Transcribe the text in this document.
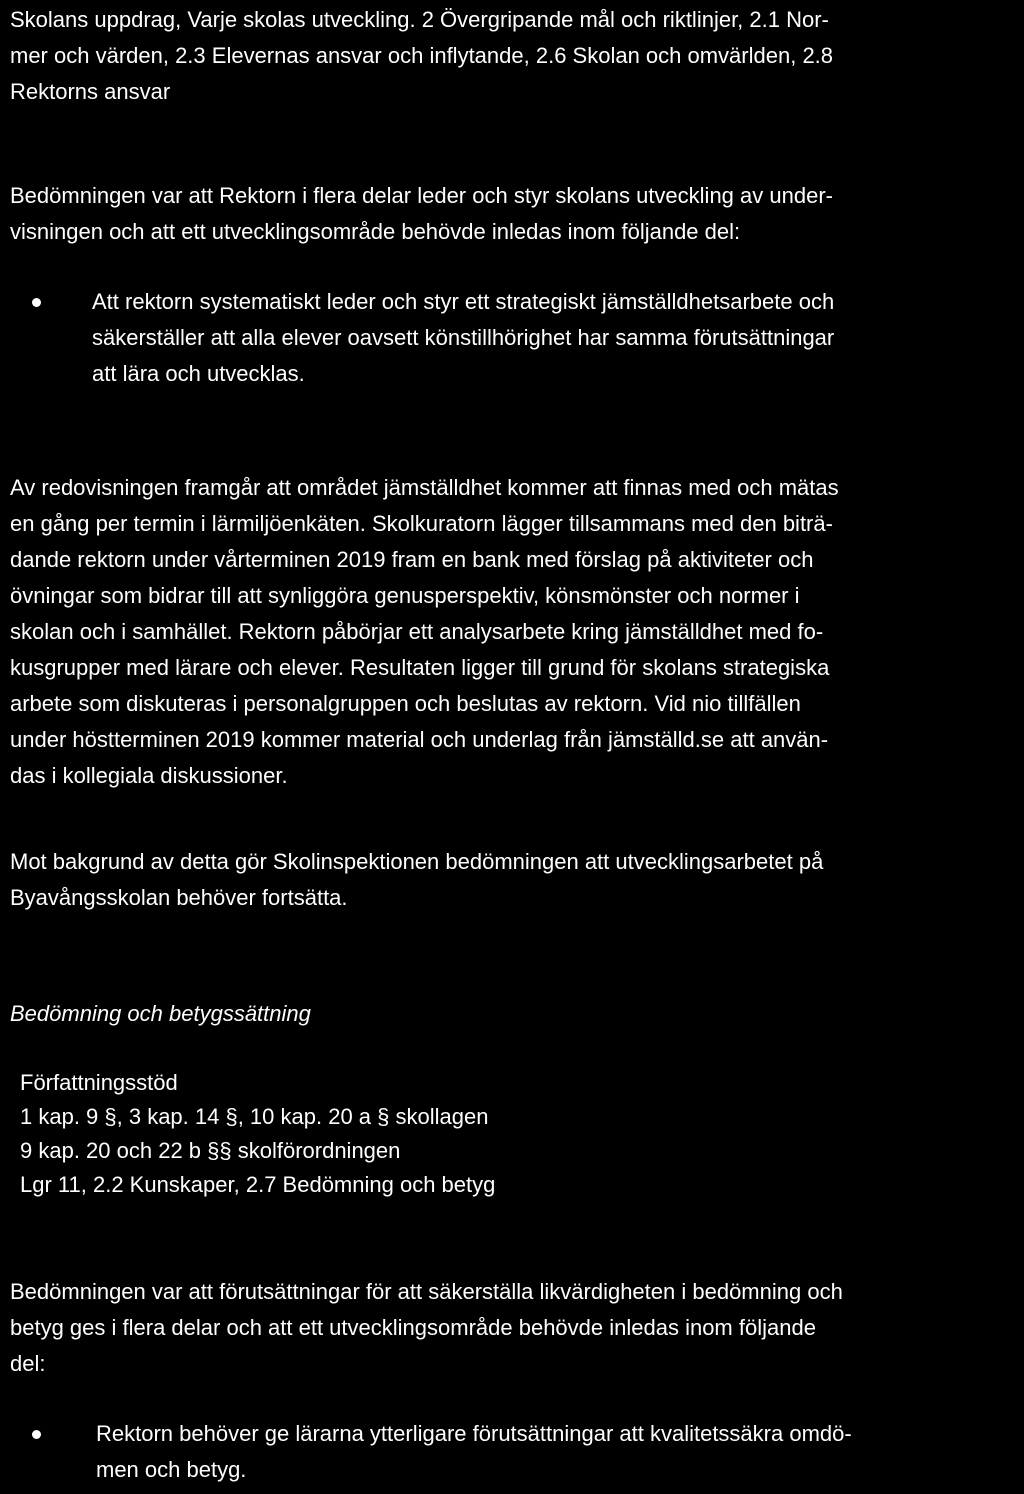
Skolans uppdrag, Varje skolas utveckling. 2 Övergripande mål och riktlinjer, 2.1 Nor-
mer och värden, 2.3 Elevernas ansvar och inflytande, 2.6 Skolan och omvärlden, 2.8
Rektorns ansvar
Bedömningen var att Rektorn i flera delar leder och styr skolans utveckling av under-
visningen och att ett utvecklingsområde behövde inledas inom följande del:
Att rektorn systematiskt leder och styr ett strategiskt jämställdhetsarbete och
säkerställer att alla elever oavsett könstillhörighet har samma förutsättningar
att lära och utvecklas.
Av redovisningen framgår att området jämställdhet kommer att finnas med och mätas
en gång per termin i lärmiljöenkäten. Skolkuratorn lägger tillsammans med den biträ-
dande rektorn under vårterminen 2019 fram en bank med förslag på aktiviteter och
övningar som bidrar till att synliggöra genusperspektiv, könsmönster och normer i
skolan och i samhället. Rektorn påbörjar ett analysarbete kring jämställdhet med fo-
kusgrupper med lärare och elever. Resultaten ligger till grund för skolans strategiska
arbete som diskuteras i personalgruppen och beslutas av rektorn. Vid nio tillfällen
under höstterminen 2019 kommer material och underlag från jämställd.se att använ-
das i kollegiala diskussioner.
Mot bakgrund av detta gör Skolinspektionen bedömningen att utvecklingsarbetet på
Byavångsskolan behöver fortsätta.
Bedömning och betygssättning
Författningsstöd
1 kap. 9 §, 3 kap. 14 §, 10 kap. 20 a § skollagen
9 kap. 20 och 22 b §§ skolförordningen
Lgr 11, 2.2 Kunskaper, 2.7 Bedömning och betyg
Bedömningen var att förutsättningar för att säkerställa likvärdigheten i bedömning och
betyg ges i flera delar och att ett utvecklingsområde behövde inledas inom följande
del:
Rektorn behöver ge lärarna ytterligare förutsättningar att kvalitetssäkra omdö-
men och betyg.
